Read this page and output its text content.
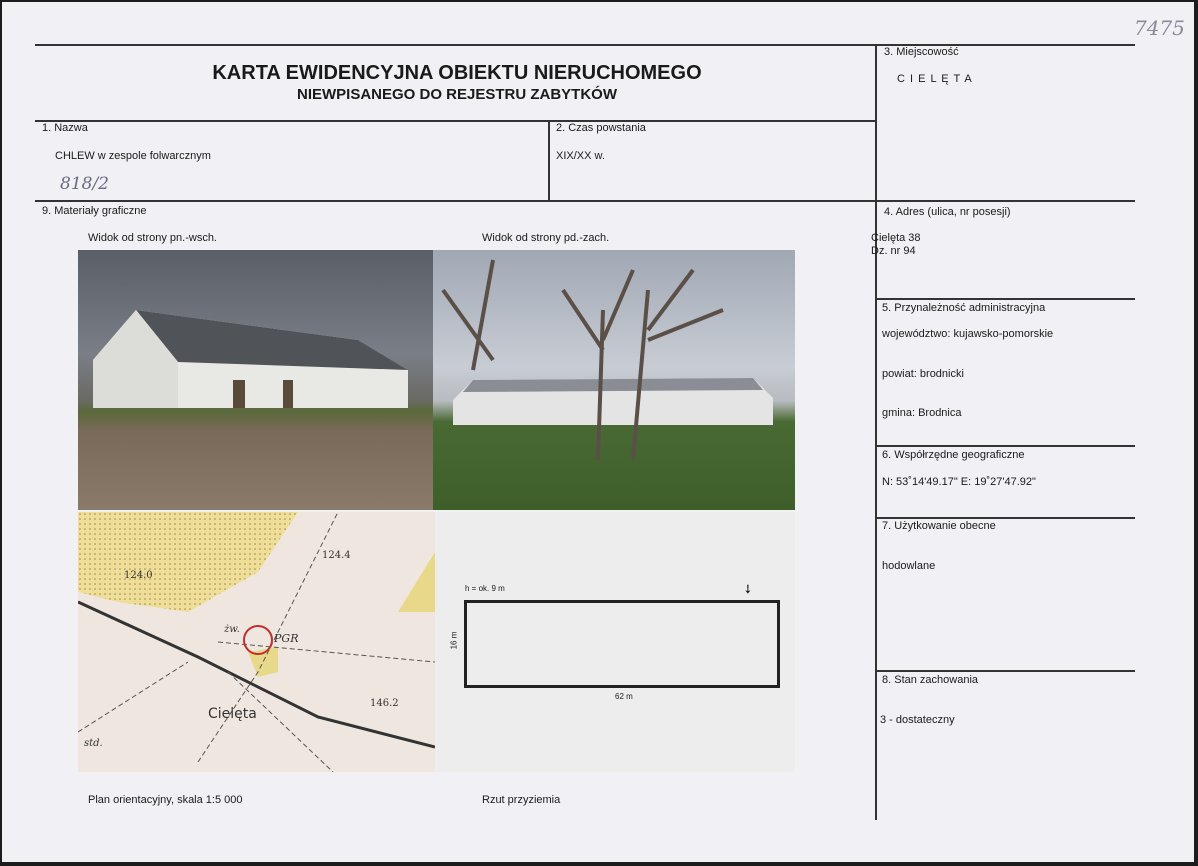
7475
KARTA EWIDENCYJNA OBIEKTU NIERUCHOMEGO
NIEWPISANEGO DO REJESTRU ZABYTKÓW
1. Nazwa
CHLEW w zespole folwarcznym
818/2
2. Czas powstania
XIX/XX w.
3. Miejscowość
C I E L Ę T A
4. Adres (ulica, nr posesji)
Cielęta 38
Dz. nr 94
5. Przynależność administracyjna
województwo: kujawsko-pomorskie
powiat: brodnicki
gmina: Brodnica
6. Współrzędne geograficzne
N: 53˚14'49.17" E: 19˚27'47.92"
7. Użytkowanie obecne
hodowlane
8. Stan zachowania
3 - dostateczny
9. Materiały graficzne
Widok od strony pn.-wsch.	Widok od strony pd.-zach.
Plan orientacyjny, skala 1:5 000	Rzut przyziemia
124.4
124.0
żw.
PGR
Cielęta
146.2
std.
h = ok. 9 m
16 m
62 m
➘
